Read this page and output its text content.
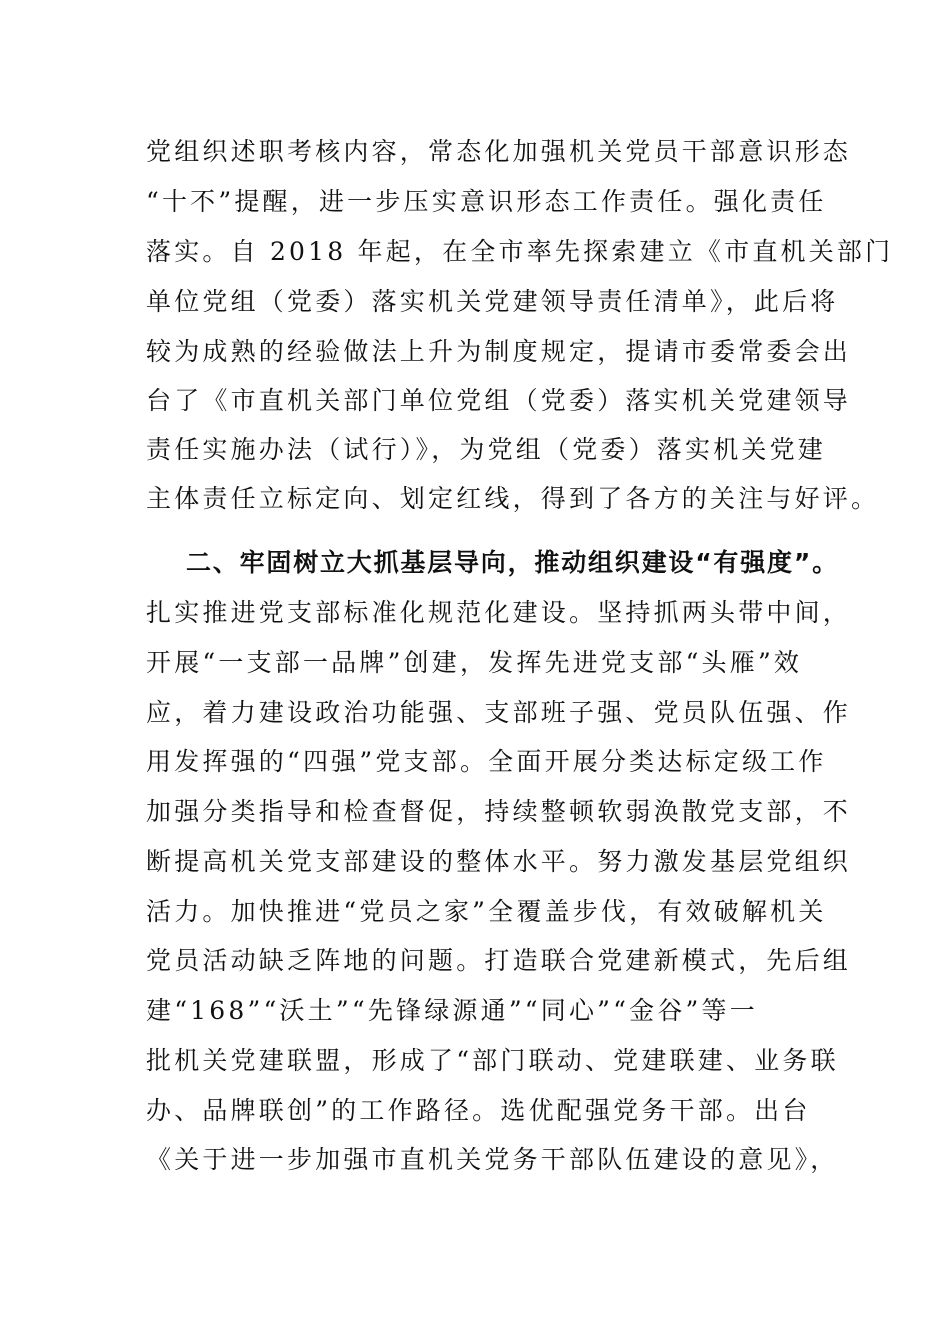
党组织述职考核内容，常态化加强机关党员干部意识形态
“十不”提醒，进一步压实意识形态工作责任。强化责任
落实。自 2018 年起，在全市率先探索建立《市直机关部门
单位党组（党委）落实机关党建领导责任清单》，此后将
较为成熟的经验做法上升为制度规定，提请市委常委会出
台了《市直机关部门单位党组（党委）落实机关党建领导
责任实施办法（试行）》，为党组（党委）落实机关党建
主体责任立标定向、划定红线，得到了各方的关注与好评。
二、牢固树立大抓基层导向，推动组织建设“有强度”。
扎实推进党支部标准化规范化建设。坚持抓两头带中间，
开展“一支部一品牌”创建，发挥先进党支部“头雁”效
应，着力建设政治功能强、支部班子强、党员队伍强、作
用发挥强的“四强”党支部。全面开展分类达标定级工作
加强分类指导和检查督促，持续整顿软弱涣散党支部，不
断提高机关党支部建设的整体水平。努力激发基层党组织
活力。加快推进“党员之家”全覆盖步伐，有效破解机关
党员活动缺乏阵地的问题。打造联合党建新模式，先后组
建“168”“沃土”“先锋绿源通”“同心”“金谷”等一
批机关党建联盟，形成了“部门联动、党建联建、业务联
办、品牌联创”的工作路径。选优配强党务干部。出台
《关于进一步加强市直机关党务干部队伍建设的意见》，
